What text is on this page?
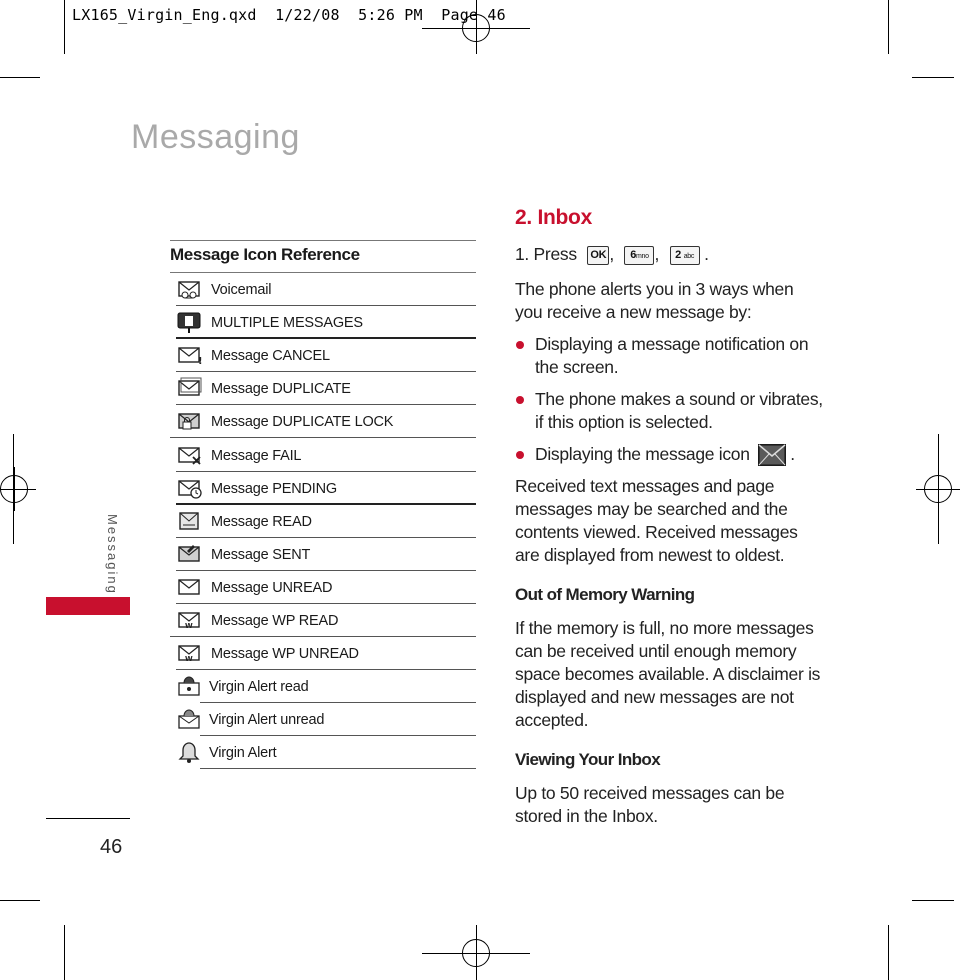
LX165_Virgin_Eng.qxd  1/22/08  5:26 PM  Page 46
Messaging
Messaging
46
Message Icon Reference
Voicemail
MULTIPLE MESSAGES
! Message CANCEL
Message DUPLICATE
Message DUPLICATE LOCK
Message FAIL
Message PENDING
Message READ
Message SENT
Message UNREAD
W Message WP READ
W Message WP UNREAD
Virgin Alert read
Virgin Alert unread
Virgin Alert
2. Inbox
1. Press OK , 6mno , 2 abc .
The phone alerts you in 3 ways when you receive a new message by:
Displaying a message notification on the screen.
The phone makes a sound or vibrates, if this option is selected.
Displaying the message icon .
Received text messages and page messages may be searched and the contents viewed. Received messages are displayed from newest to oldest.
Out of Memory Warning
If the memory is full, no more messages can be received until enough memory space becomes available. A disclaimer is displayed and new messages are not accepted.
Viewing Your Inbox
Up to 50 received messages can be stored in the Inbox.
